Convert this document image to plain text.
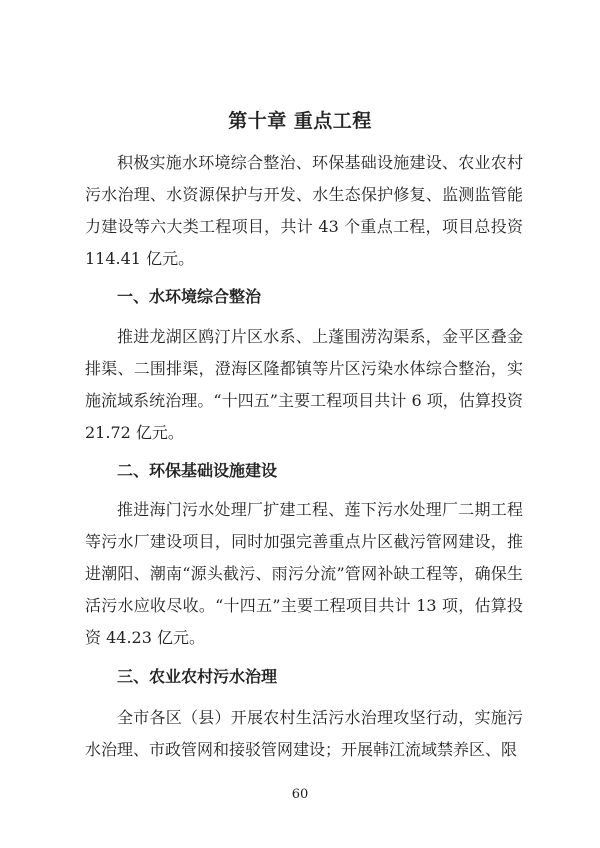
第十章 重点工程

积极实施水环境综合整治、环保基础设施建设、农业农村污水治理、水资源保护与开发、水生态保护修复、监测监管能力建设等六大类工程项目，共计 43 个重点工程，项目总投资 114.41 亿元。

一、水环境综合整治

推进龙湖区鸥汀片区水系、上蓬围涝沟渠系，金平区叠金排渠、二围排渠，澄海区隆都镇等片区污染水体综合整治，实施流域系统治理。“十四五”主要工程项目共计 6 项，估算投资 21.72 亿元。

二、环保基础设施建设

推进海门污水处理厂扩建工程、莲下污水处理厂二期工程等污水厂建设项目，同时加强完善重点片区截污管网建设，推进潮阳、潮南“源头截污、雨污分流”管网补缺工程等，确保生活污水应收尽收。“十四五”主要工程项目共计 13 项，估算投资 44.23 亿元。

三、农业农村污水治理

全市各区（县）开展农村生活污水治理攻坚行动，实施污水治理、市政管网和接驳管网建设；开展韩江流域禁养区、限

60
